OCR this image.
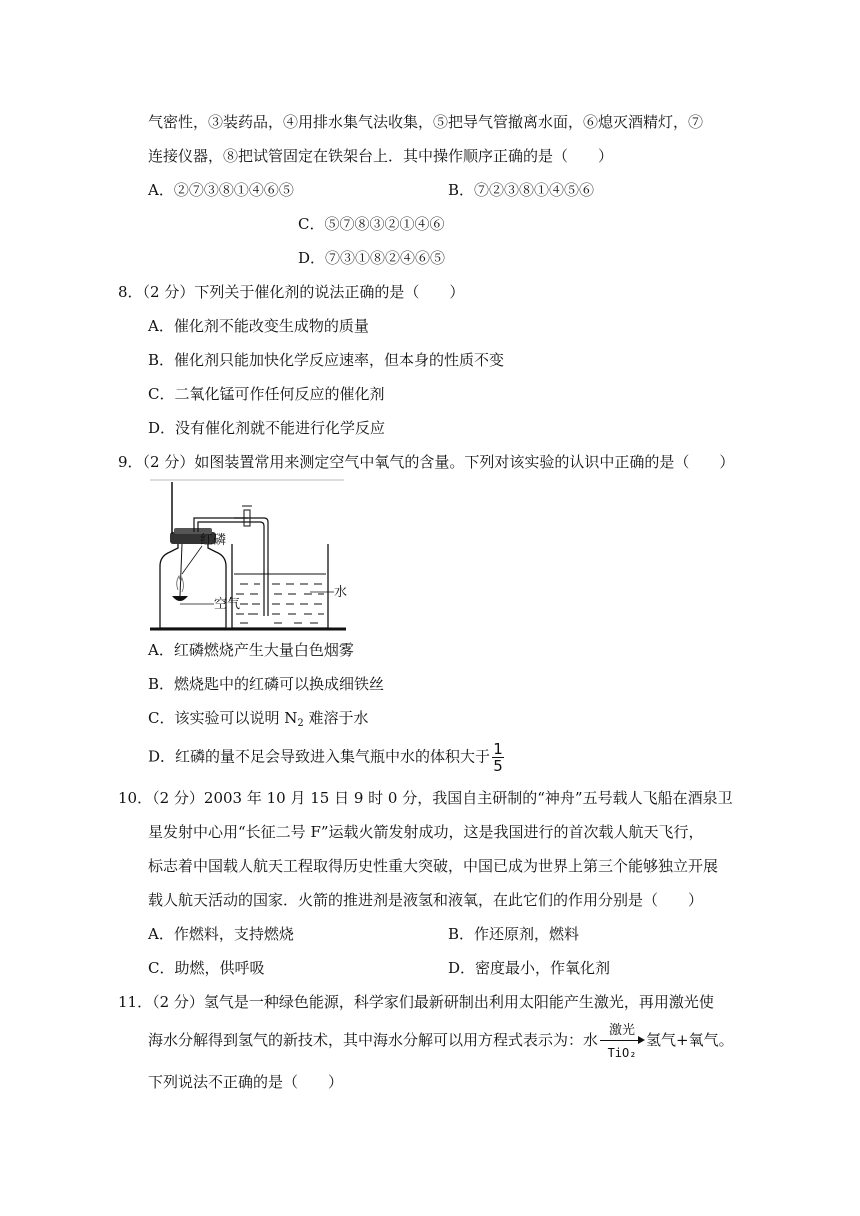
气密性，③装药品，④用排水集气法收集，⑤把导气管撤离水面，⑥熄灭酒精灯，⑦
连接仪器，⑧把试管固定在铁架台上．其中操作顺序正确的是（　　）
A．②⑦③⑧①④⑥⑤	B．⑦②③⑧①④⑤⑥
C．⑤⑦⑧③②①④⑥
D．⑦③①⑧②④⑥⑤
8．（2 分）下列关于催化剂的说法正确的是（　　）
A．催化剂不能改变生成物的质量
B．催化剂只能加快化学反应速率，但本身的性质不变
C．二氧化锰可作任何反应的催化剂
D．没有催化剂就不能进行化学反应
9．（2 分）如图装置常用来测定空气中氧气的含量。下列对该实验的认识中正确的是（　　）
红磷
水
空气
A．红磷燃烧产生大量白色烟雾
B．燃烧匙中的红磷可以换成细铁丝
C．该实验可以说明 $N_2$ 难溶于水
D．红磷的量不足会导致进入集气瓶中水的体积大于 $\frac{1}{5}$
10．（2 分）2003 年 10 月 15 日 9 时 0 分，我国自主研制的“神舟”五号载人飞船在酒泉卫
星发射中心用“长征二号 F”运载火箭发射成功，这是我国进行的首次载人航天飞行，
标志着中国载人航天工程取得历史性重大突破，中国已成为世界上第三个能够独立开展
载人航天活动的国家．火箭的推进剂是液氢和液氧，在此它们的作用分别是（　　）
A．作燃料，支持燃烧	B．作还原剂，燃料
C．助燃，供呼吸	D．密度最小，作氧化剂
11．（2 分）氢气是一种绿色能源，科学家们最新研制出利用太阳能产生激光，再用激光使
海水分解得到氢气的新技术，其中海水分解可以用方程式表示为：水
激光
TiO₂
氢气+氧气。
下列说法不正确的是（　　）
